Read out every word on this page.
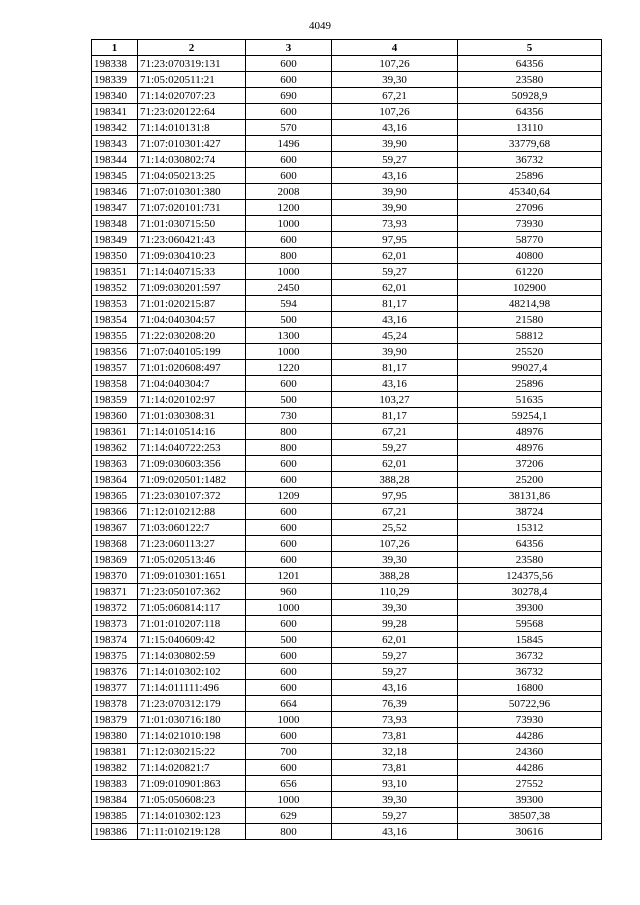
4049
1	2	3	4	5
198338	71:23:070319:131	600	107,26	64356
198339	71:05:020511:21	600	39,30	23580
198340	71:14:020707:23	690	67,21	50928,9
198341	71:23:020122:64	600	107,26	64356
198342	71:14:010131:8	570	43,16	13110
198343	71:07:010301:427	1496	39,90	33779,68
198344	71:14:030802:74	600	59,27	36732
198345	71:04:050213:25	600	43,16	25896
198346	71:07:010301:380	2008	39,90	45340,64
198347	71:07:020101:731	1200	39,90	27096
198348	71:01:030715:50	1000	73,93	73930
198349	71:23:060421:43	600	97,95	58770
198350	71:09:030410:23	800	62,01	40800
198351	71:14:040715:33	1000	59,27	61220
198352	71:09:030201:597	2450	62,01	102900
198353	71:01:020215:87	594	81,17	48214,98
198354	71:04:040304:57	500	43,16	21580
198355	71:22:030208:20	1300	45,24	58812
198356	71:07:040105:199	1000	39,90	25520
198357	71:01:020608:497	1220	81,17	99027,4
198358	71:04:040304:7	600	43,16	25896
198359	71:14:020102:97	500	103,27	51635
198360	71:01:030308:31	730	81,17	59254,1
198361	71:14:010514:16	800	67,21	48976
198362	71:14:040722:253	800	59,27	48976
198363	71:09:030603:356	600	62,01	37206
198364	71:09:020501:1482	600	388,28	25200
198365	71:23:030107:372	1209	97,95	38131,86
198366	71:12:010212:88	600	67,21	38724
198367	71:03:060122:7	600	25,52	15312
198368	71:23:060113:27	600	107,26	64356
198369	71:05:020513:46	600	39,30	23580
198370	71:09:010301:1651	1201	388,28	124375,56
198371	71:23:050107:362	960	110,29	30278,4
198372	71:05:060814:117	1000	39,30	39300
198373	71:01:010207:118	600	99,28	59568
198374	71:15:040609:42	500	62,01	15845
198375	71:14:030802:59	600	59,27	36732
198376	71:14:010302:102	600	59,27	36732
198377	71:14:011111:496	600	43,16	16800
198378	71:23:070312:179	664	76,39	50722,96
198379	71:01:030716:180	1000	73,93	73930
198380	71:14:021010:198	600	73,81	44286
198381	71:12:030215:22	700	32,18	24360
198382	71:14:020821:7	600	73,81	44286
198383	71:09:010901:863	656	93,10	27552
198384	71:05:050608:23	1000	39,30	39300
198385	71:14:010302:123	629	59,27	38507,38
198386	71:11:010219:128	800	43,16	30616
